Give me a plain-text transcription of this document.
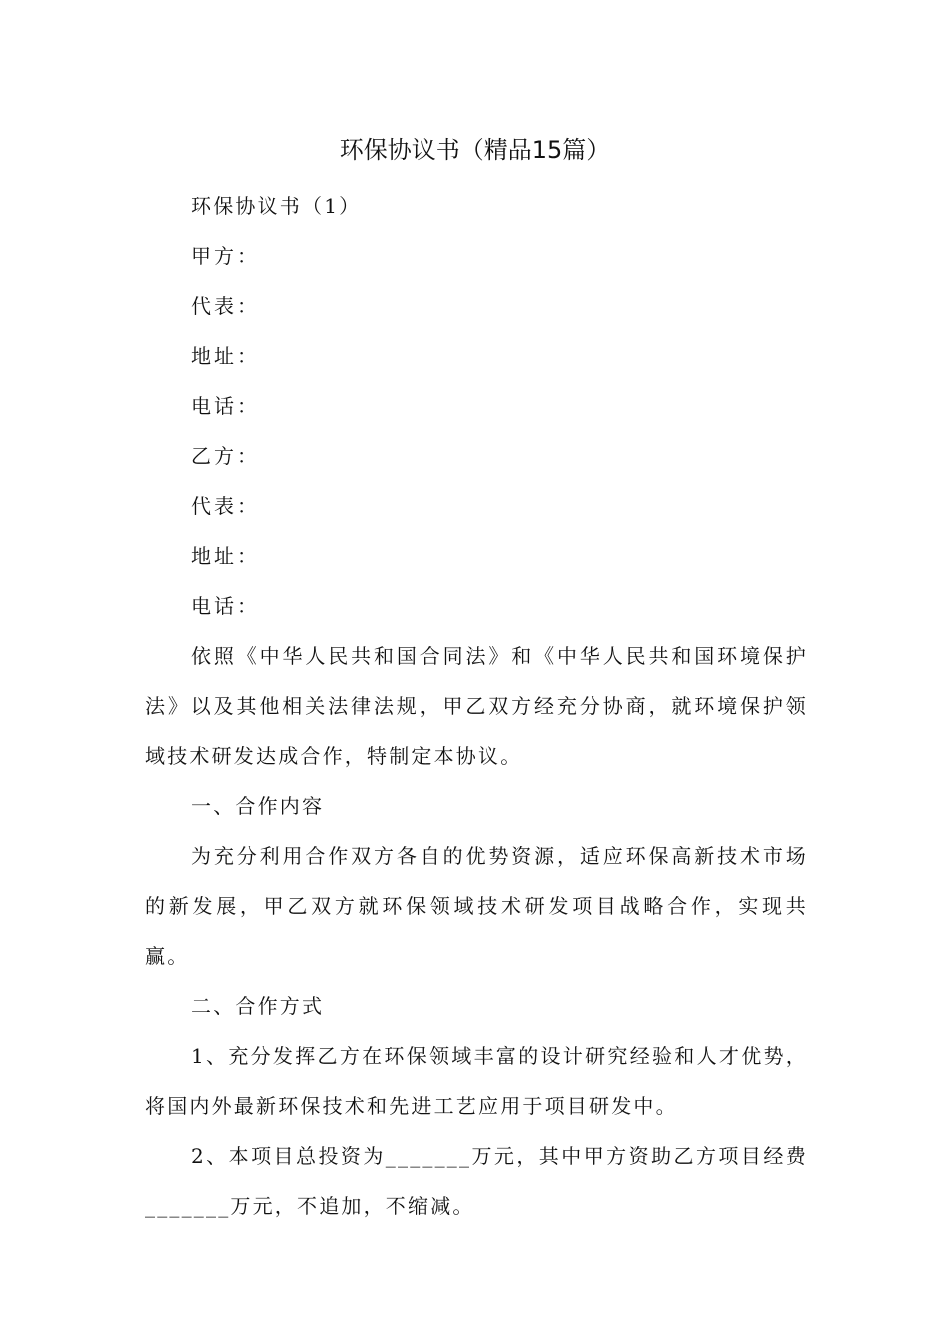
环保协议书（精品15篇）

环保协议书（1）

甲方：

代表：

地址：

电话：

乙方：

代表：

地址：

电话：

依照《中华人民共和国合同法》和《中华人民共和国环境保护法》以及其他相关法律法规，甲乙双方经充分协商，就环境保护领域技术研发达成合作，特制定本协议。

一、合作内容

为充分利用合作双方各自的优势资源，适应环保高新技术市场的新发展，甲乙双方就环保领域技术研发项目战略合作，实现共赢。

二、合作方式

1、充分发挥乙方在环保领域丰富的设计研究经验和人才优势，将国内外最新环保技术和先进工艺应用于项目研发中。

2、本项目总投资为_______万元，其中甲方资助乙方项目经费_______万元，不追加，不缩减。
